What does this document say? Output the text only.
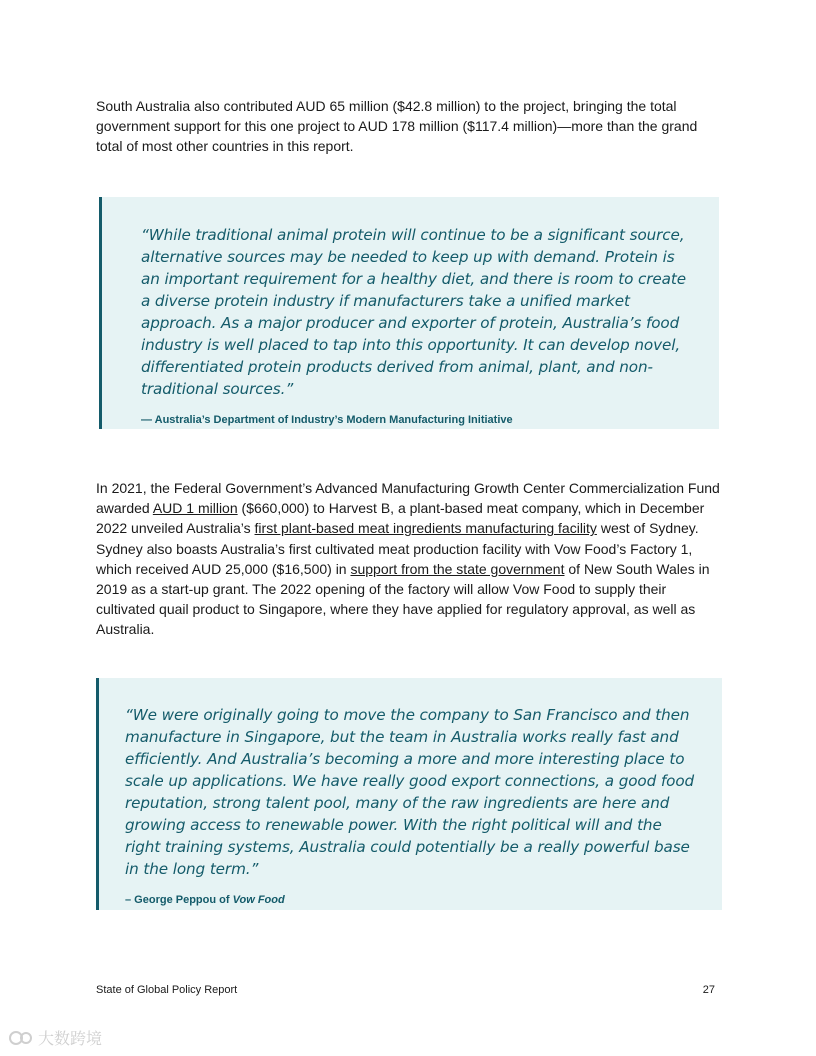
South Australia also contributed AUD 65 million ($42.8 million) to the project, bringing the total government support for this one project to AUD 178 million ($117.4 million)—more than the grand total of most other countries in this report.

“While traditional animal protein will continue to be a significant source, alternative sources may be needed to keep up with demand. Protein is an important requirement for a healthy diet, and there is room to create a diverse protein industry if manufacturers take a unified market approach. As a major producer and exporter of protein, Australia’s food industry is well placed to tap into this opportunity. It can develop novel, differentiated protein products derived from animal, plant, and non-traditional sources.”

— Australia’s Department of Industry’s Modern Manufacturing Initiative

In 2021, the Federal Government’s Advanced Manufacturing Growth Center Commercialization Fund awarded AUD 1 million ($660,000) to Harvest B, a plant-based meat company, which in December 2022 unveiled Australia’s first plant-based meat ingredients manufacturing facility west of Sydney. Sydney also boasts Australia’s first cultivated meat production facility with Vow Food’s Factory 1, which received AUD 25,000 ($16,500) in support from the state government of New South Wales in 2019 as a start-up grant. The 2022 opening of the factory will allow Vow Food to supply their cultivated quail product to Singapore, where they have applied for regulatory approval, as well as Australia.

“We were originally going to move the company to San Francisco and then manufacture in Singapore, but the team in Australia works really fast and efficiently. And Australia’s becoming a more and more interesting place to scale up applications. We have really good export connections, a good food reputation, strong talent pool, many of the raw ingredients are here and growing access to renewable power. With the right political will and the right training systems, Australia could potentially be a really powerful base in the long term.”

– George Peppou of Vow Food

State of Global Policy Report	27
大数跨境
